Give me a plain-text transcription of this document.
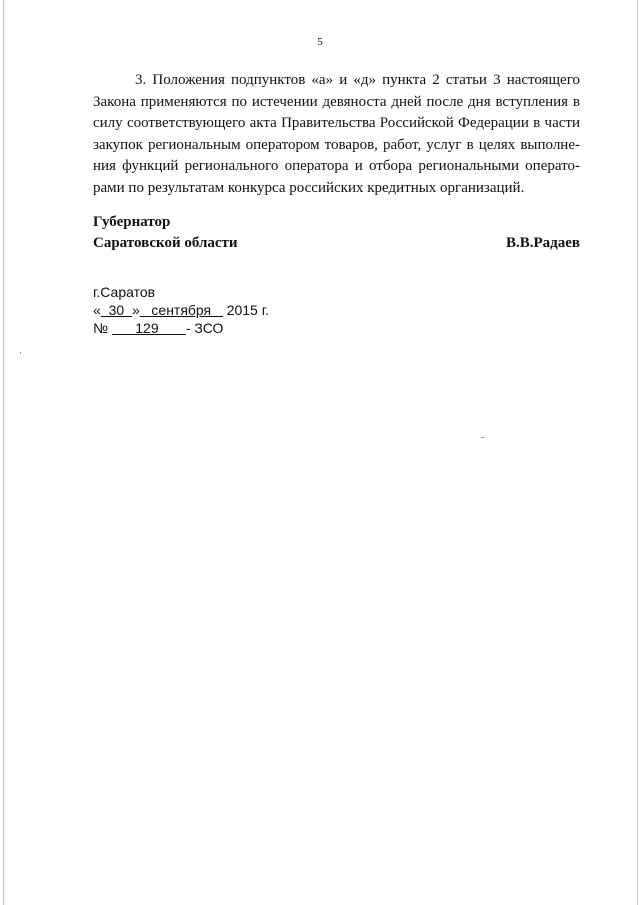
5
3. Положения подпунктов «а» и «д» пункта 2 статьи 3 настоящего
Закона применяются по истечении девяноста дней после дня вступления в
силу соответствующего акта Правительства Российской Федерации в части
закупок региональным оператором товаров, работ, услуг в целях выполне-
ния функций регионального оператора и отбора региональными операто-
рами по результатам конкурса российских кредитных организаций.
Губернатор
Саратовской области	В.В.Радаев
г.Саратов
«  30  »   сентября    2015 г.
№       129       - ЗСО
